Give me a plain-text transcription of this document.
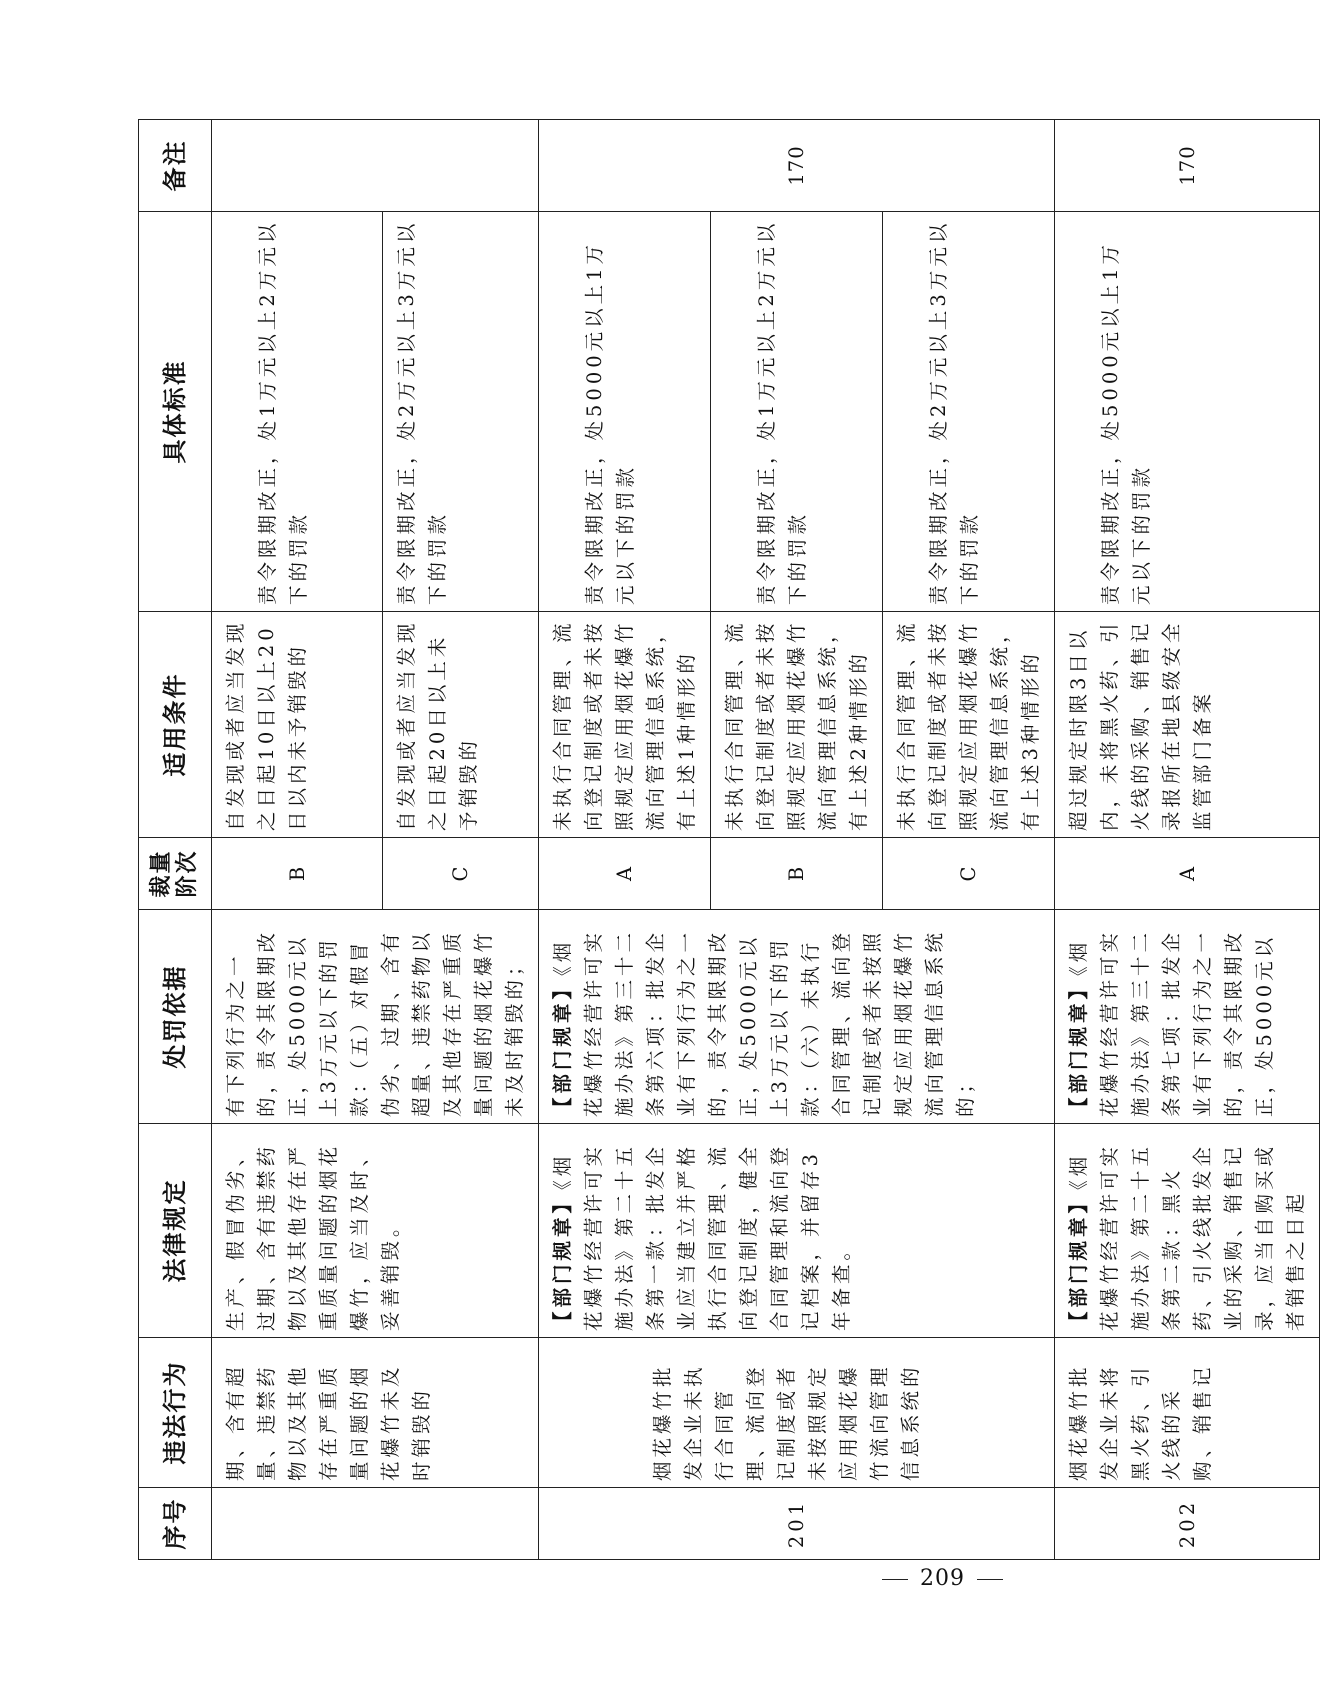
序号	违法行为	法律规定	处罚依据	裁量阶次	适用条件	具体标准	备注
	期、含有超量、违禁药物以及其他存在严重质量问题的烟花爆竹未及时销毁的	生产、假冒伪劣、过期、含有违禁药物以及其他存在严重质量问题的烟花爆竹，应当及时、妥善销毁。	有下列行为之一的，责令其限期改正，处5000元以上3万元以下的罚款：（五）对假冒伪劣、过期、含有超量、违禁药物以及其他存在严重质量问题的烟花爆竹未及时销毁的；	B	自发现或者应当发现之日起10日以上20日以内未予销毁的	责令限期改正，处1万元以上2万元以下的罚款	
				C	自发现或者应当发现之日起20日以上未予销毁的	责令限期改正，处2万元以上3万元以下的罚款	
201	烟花爆竹批发企业未执行合同管理、流向登记制度或者未按照规定应用烟花爆竹流向管理信息系统的	【部门规章】《烟花爆竹经营许可实施办法》第二十五条第一款：批发企业应当建立并严格执行合同管理、流向登记制度，健全合同管理和流向登记档案，并留存3年备查。	【部门规章】《烟花爆竹经营许可实施办法》第三十二条第六项：批发企业有下列行为之一的，责令其限期改正，处5000元以上3万元以下的罚款：（六）未执行合同管理、流向登记制度或者未按照规定应用烟花爆竹流向管理信息系统的；	A	未执行合同管理、流向登记制度或者未按照规定应用烟花爆竹流向管理信息系统，有上述1种情形的	责令限期改正，处5000元以上1万元以下的罚款	170
				B	未执行合同管理、流向登记制度或者未按照规定应用烟花爆竹流向管理信息系统，有上述2种情形的	责令限期改正，处1万元以上2万元以下的罚款	
				C	未执行合同管理、流向登记制度或者未按照规定应用烟花爆竹流向管理信息系统，有上述3种情形的	责令限期改正，处2万元以上3万元以下的罚款	
202	烟花爆竹批发企业未将黑火药、引火线的采购、销售记	【部门规章】《烟花爆竹经营许可实施办法》第二十五条第二款：黑火药、引火线批发企业的采购、销售记录，应当自购买或者销售之日起	【部门规章】《烟花爆竹经营许可实施办法》第三十二条第七项：批发企业有下列行为之一的，责令其限期改正，处5000元以	A	超过规定时限3日以内，未将黑火药、引火线的采购、销售记录报所在地县级安全监管部门备案	责令限期改正，处5000元以上1万元以下的罚款	170
209
